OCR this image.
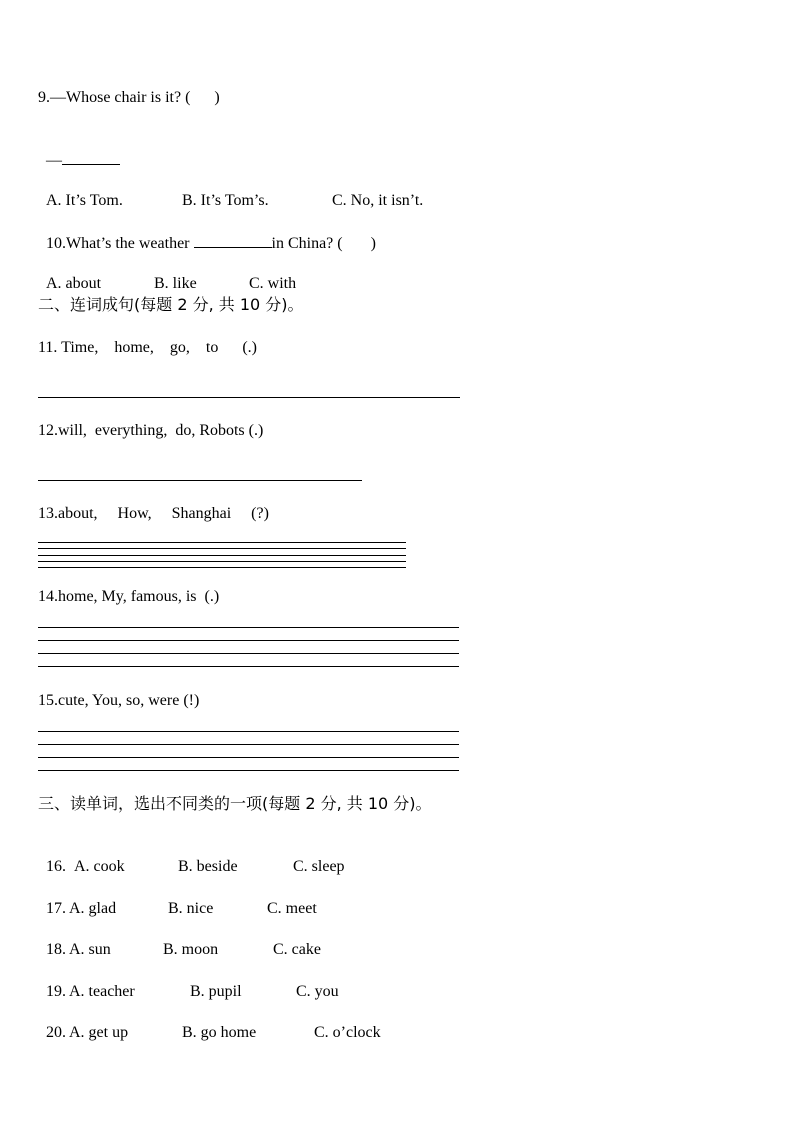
9.—Whose chair is it? (      )

—

A. It’s Tom.	B. It’s Tom’s.	C. No, it isn’t.

10.What’s the weather	in China? (       )

A. about	B. like	C. with

二、连词成句(每题 2 分, 共 10 分)。
11. Time,    home,    go,    to      (.)
12.will,  everything,  do, Robots (.)
13.about,     How,     Shanghai     (?)
14.home, My, famous, is  (.)
15.cute, You, so, were (!)
三、读单词，选出不同类的一项(每题 2 分, 共 10 分)。

16. A. cook	B. beside	C. sleep

17. A. glad	B. nice	C. meet

18. A. sun	B. moon	C. cake

19. A. teacher	B. pupil	C. you

20. A. get up	B. go home	C. o’clock
